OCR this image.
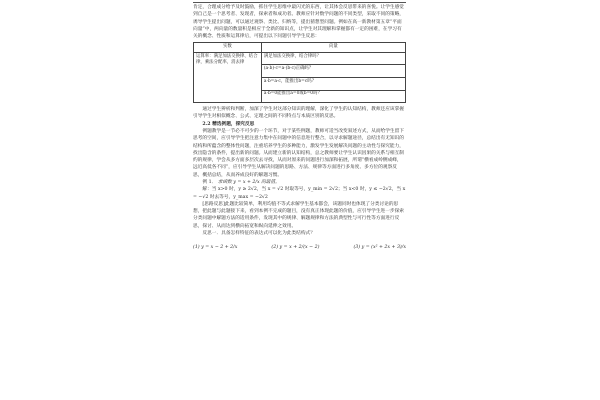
肯定，合理成分给予及时鼓励，抓住学生思维中最闪光的东西，让其体会反思带来的喜悦。让学生感觉到自己是一个思考者、发现者，探索者和成功者。教师应针对数学问题的不同类型，采取不同的策略，诱导学生提出问题，可以通过观察、类比、归纳等，提出猜想型问题。例如在高一新教材第五章“平面向量”中，两向量的数量积是相应于全新的知识点，让学生对其理解和掌握都有一定的困难，在学习有关的概念、性质和运算律后，可提出以下问题引导学生反思：

实数	向量
运算率：满足加法交换律、结合律，乘法分配率，消去律	满足加法交换律，结合律吗？
	(a·b)·c=a·(b·c)正确吗？
	a·b=a·c，能推出b=c吗？
	a·b=0能推出a=0或b=0吗？

通过学生辨析和判断，加深了学生对这部分知识的理解，深化了学生的认知结构，教师还应该掌握引导学生对相似概念、公式、定理之间的不同特点与本质区别的反思。

2.2 精选例题，探究反思

例题教学是一节必不可少的一个环节，对于某些例题，教师可适当改变叙述方式，从而给学生留下思考的空间，应引导学生把注意力集中在问题中的信息进行整合，以寻求解题途径，总结出有无知识的结构和所蕴含的整体性问题，注重培养学生的多种能力，激发学生发展解决问题的主动性与探究能力，找出隐含的条件，提出新的问题。从而建立新的认知结构，总之教师要让学生认识因果的关系与相互制约的规律，学会从多方面多层次去寻找，从而对原来的问题进行加深和拓展，所谓“横看成岭侧成峰，远近高低各不同”，应引导学生从解决问题的思路、方法、规律等方面进行多角度、多方位的观察反思，概括总结，从而养成良好的解题习惯。

例 1． 求函数 y = x + 2/x 的最值。

解：当 x>0 时，y ≥ 2√2，当 x = √2 时取等号，y_min = 2√2；当 x<0 时，y ≤ −2√2，当 x = −√2 时去等号，y_max = −2√2

[思路反思]此题比较简单，利用均值不等式求解学生基本都会，该题同时也体现了分类讨论的思想，把此题与此题接下来，看到本例不完成的题目，没有真正体现此题的价值，应引导学生进一步探索分类问题中解题方法的适用条件，发现其中的规律、解题规律和方法的典型性与可行性等方面进行反思，探讨、从而达到横向拓宽和纵向延伸之效用。

反思一．具备怎样特征的表达式可以化为此类结构式？

(1) y = x − 2 + 2/x	(2) y = x + 2/(x − 2)	(3) y = (x² + 2x + 3)/x
